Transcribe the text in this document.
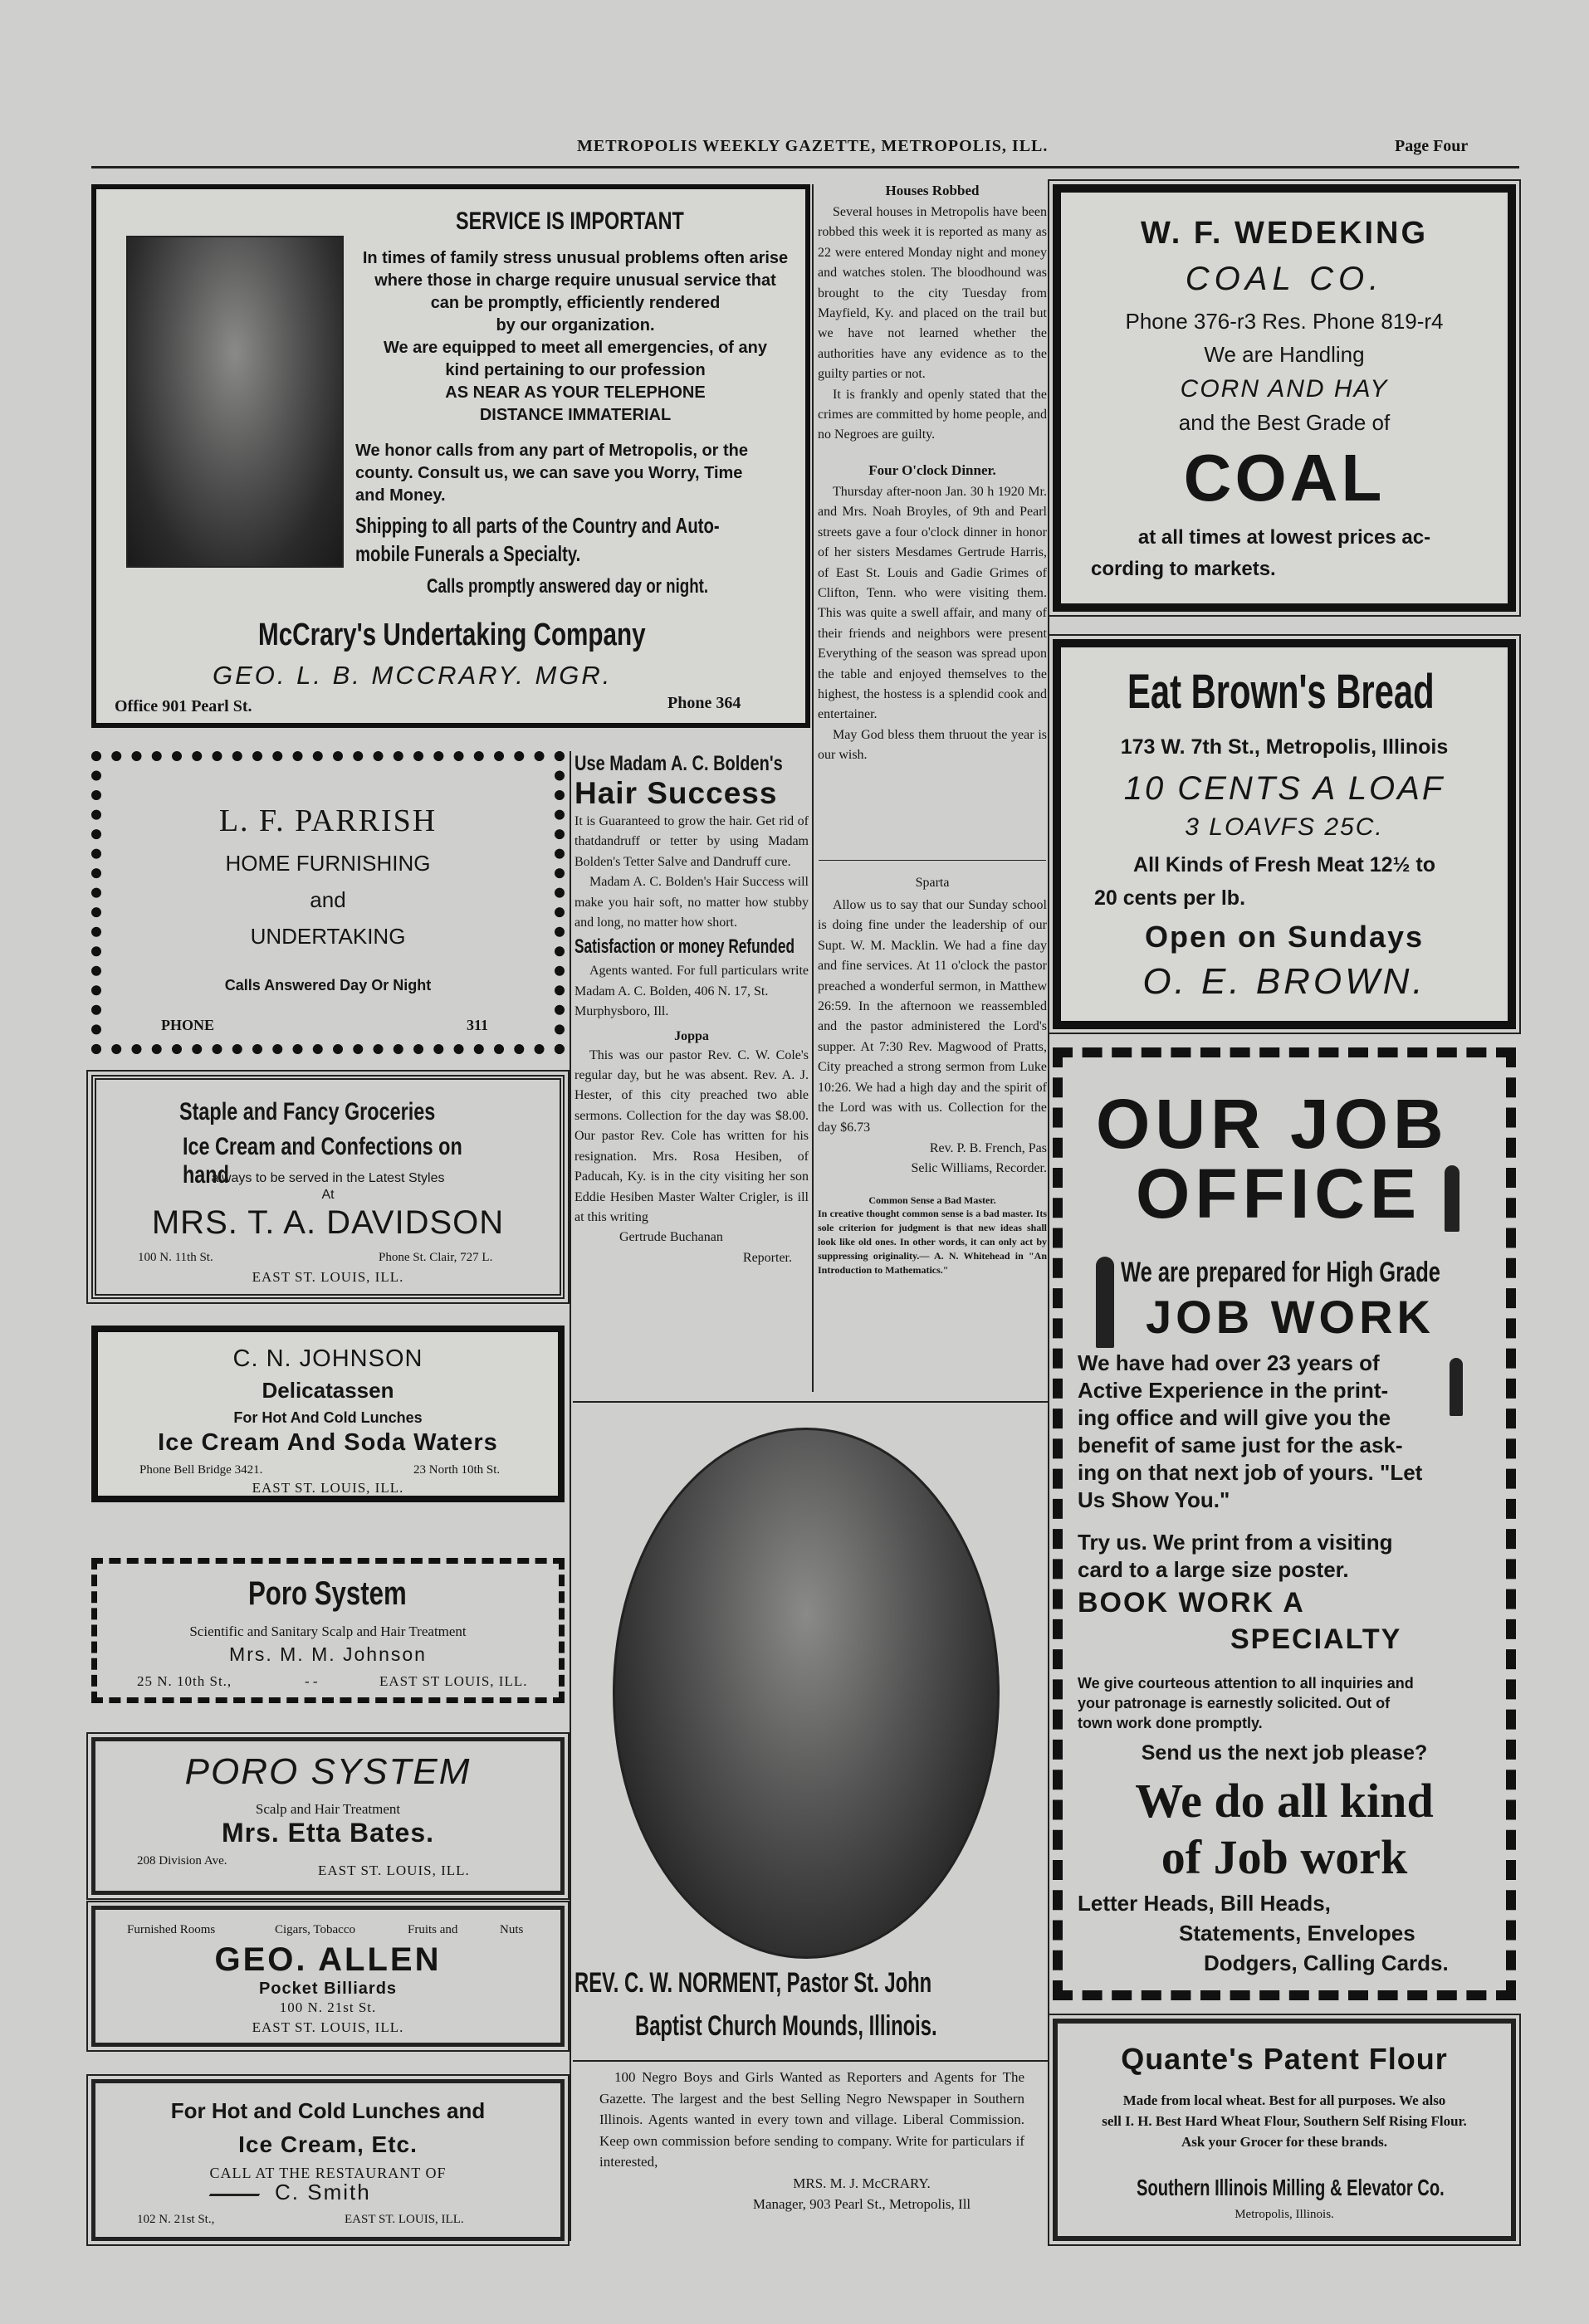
METROPOLIS WEEKLY GAZETTE, METROPOLIS, ILL.	Page Four
SERVICE IS IMPORTANT
In times of family stress unusual problems often arise
where those in charge require unusual service that
can be promptly, efficiently rendered
by our organization.
We are equipped to meet all emergencies, of any
kind pertaining to our profession
AS NEAR AS YOUR TELEPHONE
DISTANCE IMMATERIAL
We honor calls from any part of Metropolis, or the
county. Consult us, we can save you Worry, Time
and Money.
Shipping to all parts of the Country and Auto-
mobile Funerals a Specialty.
Calls promptly answered day or night.
McCrary's Undertaking Company
GEO. L. B. MCCRARY. MGR.
Office 901 Pearl St.	Phone 364
L. F. PARRISH
HOME FURNISHING
and
UNDERTAKING
Calls Answered Day Or Night
PHONE	311
Staple and Fancy Groceries
Ice Cream and Confections on hand
always to be served in the Latest Styles
At
MRS. T. A. DAVIDSON
100 N. 11th St.	Phone St. Clair, 727 L.
EAST ST. LOUIS, ILL.
C. N. JOHNSON
Delicatassen
For Hot And Cold Lunches
Ice Cream And Soda Waters
Phone Bell Bridge 3421.	23 North 10th St.
EAST ST. LOUIS, ILL.
Poro System
Scientific and Sanitary Scalp and Hair Treatment
Mrs. M. M. Johnson
25 N. 10th St.,	- -	EAST ST LOUIS, ILL.
PORO SYSTEM
Scalp and Hair Treatment
Mrs. Etta Bates.
208 Division Ave.
EAST ST. LOUIS, ILL.
Furnished Rooms	Cigars, Tobacco	Fruits and	Nuts
GEO. ALLEN
Pocket Billiards
100 N. 21st St.
EAST ST. LOUIS, ILL.
For Hot and Cold Lunches and
Ice Cream, Etc.
CALL AT THE RESTAURANT OF
C. Smith
102 N. 21st St.,	EAST ST. LOUIS, ILL.
Houses Robbed

Several houses in Metropolis have been robbed this week it is reported as many as 22 were entered Monday night and money and watches stolen. The bloodhound was brought to the city Tuesday from Mayfield, Ky. and placed on the trail but we have not learned whether the authorities have any evidence as to the guilty parties or not.

It is frankly and openly stated that the crimes are committed by home people, and no Negroes are guilty.

Four O'clock Dinner.

Thursday after-noon Jan. 30 h 1920 Mr. and Mrs. Noah Broyles, of 9th and Pearl streets gave a four o'clock dinner in honor of her sisters Mesdames Gertrude Harris, of East St. Louis and Gadie Grimes of Clifton, Tenn. who were visiting them. This was quite a swell affair, and many of their friends and neighbors were present Everything of the season was spread upon the table and enjoyed themselves to the highest, the hostess is a splendid cook and entertainer.

May God bless them thruout the year is our wish.

Sparta

Allow us to say that our Sunday school is doing fine under the leadership of our Supt. W. M. Macklin. We had a fine day and fine services. At 11 o'clock the pastor preached a wonderful sermon, in Matthew 26:59. In the afternoon we reassembled and the pastor administered the Lord's supper. At 7:30 Rev. Magwood of Pratts, City preached a strong sermon from Luke 10:26. We had a high day and the spirit of the Lord was with us. Collection for the day $6.73

Rev. P. B. French, Pas
Selic Williams, Recorder.
Common Sense a Bad Master.
In creative thought common sense is a bad master. Its sole criterion for judgment is that new ideas shall look like old ones. In other words, it can only act by suppressing originality.— A. N. Whitehead in "An Introduction to Mathematics."
Use Madam A. C. Bolden's
Hair Success

It is Guaranteed to grow the hair. Get rid of thatdandruff or tetter by using Madam Bolden's Tetter Salve and Dandruff cure.

Madam A. C. Bolden's Hair Success will make you hair soft, no matter how stubby and long, no matter how short.

Satisfaction or money Refunded

Agents wanted. For full particulars write Madam A. C. Bolden, 406 N. 17, St.

Murphysboro, Ill.
Joppa

This was our pastor Rev. C. W. Cole's regular day, but he was absent. Rev. A. J. Hester, of this city preached two able sermons. Collection for the day was $8.00. Our pastor Rev. Cole has written for his resignation. Mrs. Rosa Hesiben, of Paducah, Ky. is in the city visiting her son Eddie Hesiben Master Walter Crigler, is ill at this writing

Gertrude Buchanan
Reporter.
REV. C. W. NORMENT, Pastor St. John
Baptist Church Mounds, Illinois.

100 Negro Boys and Girls Wanted as Reporters and Agents for The Gazette. The largest and the best Selling Negro Newspaper in Southern Illinois. Agents wanted in every town and village. Liberal Commission. Keep own commission before sending to company. Write for particulars if interested,

MRS. M. J. McCRARY.
Manager, 903 Pearl St., Metropolis, Ill
W. F. WEDEKING
COAL CO.
Phone 376-r3 Res. Phone 819-r4
We are Handling
CORN AND HAY
and the Best Grade of
COAL
at all times at lowest prices ac-
cording to markets.
Eat Brown's Bread
173 W. 7th St., Metropolis, Illinois
10 CENTS A LOAF
3 LOAVFS 25C.
All Kinds of Fresh Meat 12½ to
20 cents per lb.
Open on Sundays
O. E. BROWN.
OUR JOB
OFFICE
We are prepared for High Grade
JOB WORK
We have had over 23 years of
Active Experience in the print-
ing office and will give you the
benefit of same just for the ask-
ing on that next job of yours. "Let
Us Show You."
Try us. We print from a visiting
card to a large size poster.
BOOK WORK A
SPECIALTY
We give courteous attention to all inquiries and
your patronage is earnestly solicited. Out of
town work done promptly.
Send us the next job please?
We do all kind
of Job work
Letter Heads, Bill Heads,
Statements, Envelopes
Dodgers, Calling Cards.
Quante's Patent Flour
Made from local wheat. Best for all purposes. We also
sell I. H. Best Hard Wheat Flour, Southern Self Rising Flour.
Ask your Grocer for these brands.
Southern Illinois Milling & Elevator Co.
Metropolis, Illinois.
